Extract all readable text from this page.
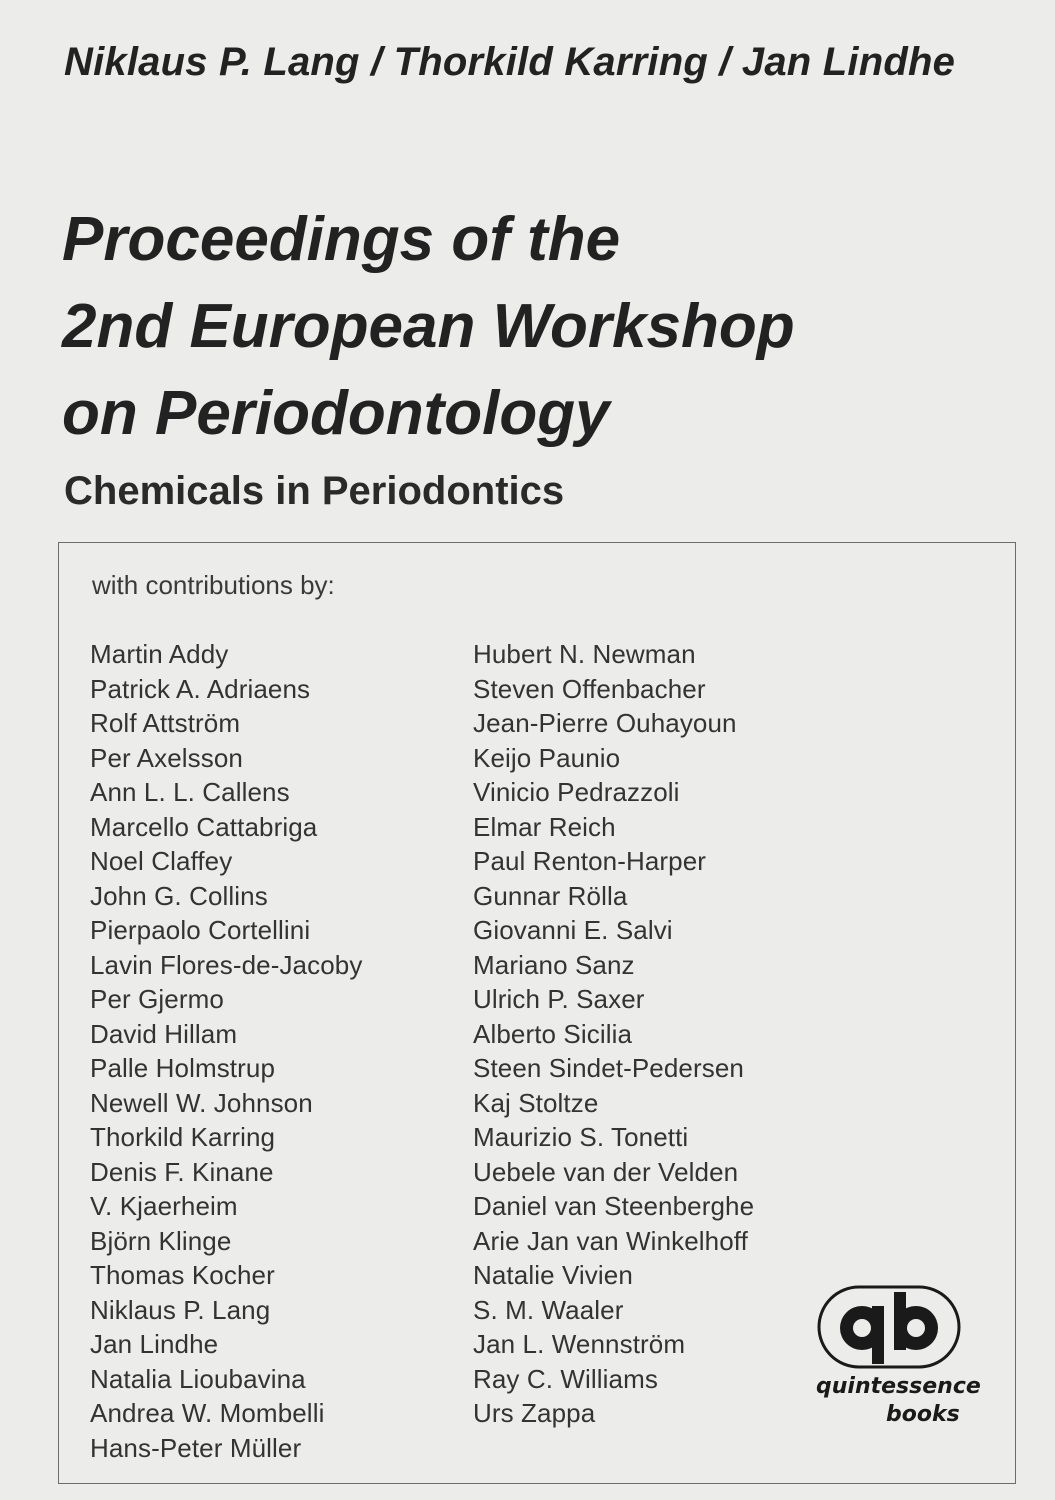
Niklaus P. Lang / Thorkild Karring / Jan Lindhe
Proceedings of the
2nd European Workshop
on Periodontology
Chemicals in Periodontics
with contributions by:
Martin Addy
Patrick A. Adriaens
Rolf Attström
Per Axelsson
Ann L. L. Callens
Marcello Cattabriga
Noel Claffey
John G. Collins
Pierpaolo Cortellini
Lavin Flores-de-Jacoby
Per Gjermo
David Hillam
Palle Holmstrup
Newell W. Johnson
Thorkild Karring
Denis F. Kinane
V. Kjaerheim
Björn Klinge
Thomas Kocher
Niklaus P. Lang
Jan Lindhe
Natalia Lioubavina
Andrea W. Mombelli
Hans-Peter Müller
Hubert N. Newman
Steven Offenbacher
Jean-Pierre Ouhayoun
Keijo Paunio
Vinicio Pedrazzoli
Elmar Reich
Paul Renton-Harper
Gunnar Rölla
Giovanni E. Salvi
Mariano Sanz
Ulrich P. Saxer
Alberto Sicilia
Steen Sindet-Pedersen
Kaj Stoltze
Maurizio S. Tonetti
Uebele van der Velden
Daniel van Steenberghe
Arie Jan van Winkelhoff
Natalie Vivien
S. M. Waaler
Jan L. Wennström
Ray C. Williams
Urs Zappa
quintessence
books
